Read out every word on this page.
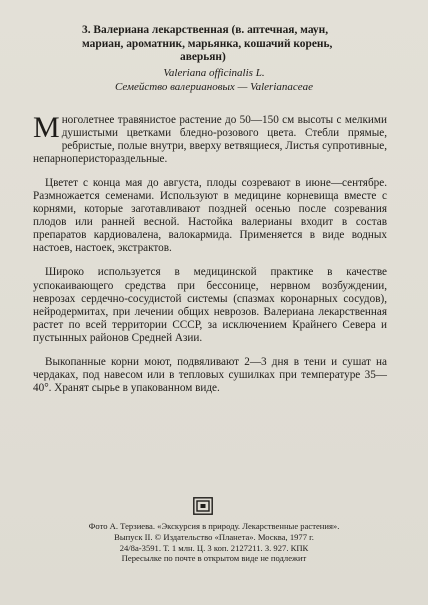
3. Валериана лекарственная (в. аптечная, маун,
мариан, ароматник, марьянка, кошачий корень,
аверьян)
Valeriana officinalis L.
Семейство валериановых — Valerianaceae

Многолетнее травянистое растение до 50—150 см высоты с мелкими душистыми цветками бледно-розового цвета. Стебли прямые, ребристые, полые внутри, вверху ветвящиеся, Листья супротивные, непарноперистораздельные.

Цветет с конца мая до августа, плоды созревают в июне—сентябре. Размножается семенами. Используют в медицине корневища вместе с корнями, которые заготавливают поздней осенью после созревания плодов или ранней весной. Настойка валерианы входит в состав препаратов кардиовалена, валокармида. Применяется в виде водных настоев, настоек, экстрактов.

Широко используется в медицинской практике в качестве успокаивающего средства при бессонице, нервном возбуждении, неврозах сердечно-сосудистой системы (спазмах коронарных сосудов), нейродермитах, при лечении общих неврозов. Валериана лекарственная растет по всей территории СССР, за исключением Крайнего Севера и пустынных районов Средней Азии.

Выкопанные корни моют, подвяливают 2—3 дня в тени и сушат на чердаках, под навесом или в тепловых сушилках при температуре 35—40°. Хранят сырье в упакованном виде.

Фото А. Терзиева. «Экскурсия в природу. Лекарственные растения».
Выпуск II. © Издательство «Планета». Москва, 1977 г.
24/8а-3591. Т. 1 млн. Ц. 3 коп. 2127211. З. 927. КПК
Пересылке по почте в открытом виде не подлежит
